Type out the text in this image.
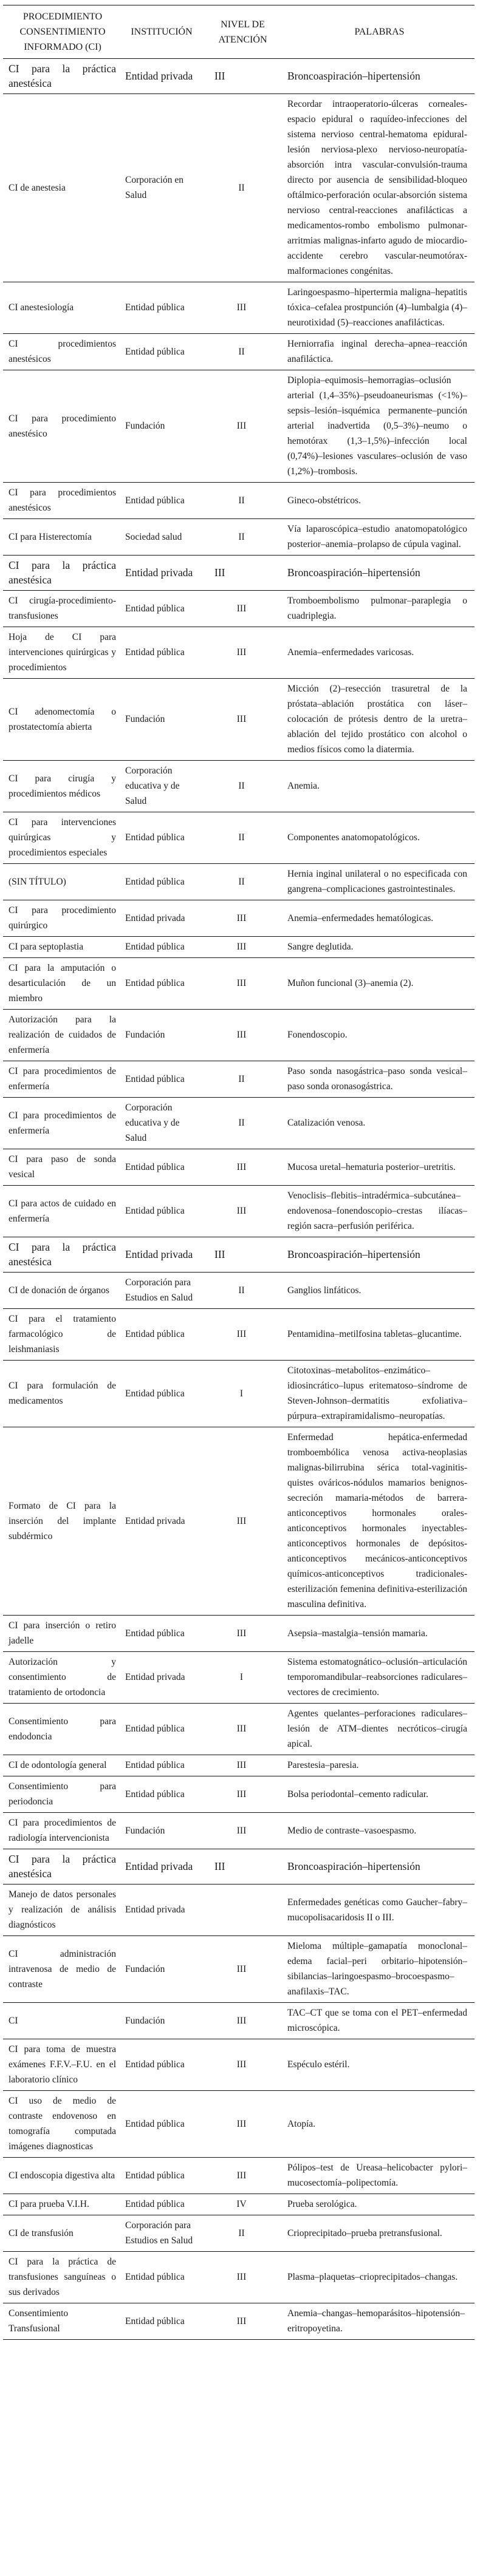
PROCEDIMIENTO CONSENTIMIENTO INFORMADO (CI)	INSTITUCIÓN	NIVEL DE ATENCIÓN	PALABRAS
CI para la práctica anestésica	Entidad privada	III	Broncoaspiración–hipertensión
CI de anestesia	Corporación en Salud	II	Recordar intraoperatorio-úlceras corneales-espacio epidural o raquídeo-infecciones del sistema nervioso central-hematoma epidural-lesión nerviosa-plexo nervioso-neuropatía-absorción intra vascular-convulsión-trauma directo por ausencia de sensibilidad-bloqueo oftálmico-perforación ocular-absorción sistema nervioso central-reacciones anafilácticas a medicamentos-rombo embolismo pulmonar-arritmias malignas-infarto agudo de miocardio-accidente cerebro vascular-neumotórax-malformaciones congénitas.
CI anestesiología	Entidad pública	III	Laringoespasmo–hipertermia maligna–hepatitis tóxica–cefalea prostpunción (4)–lumbalgia (4)–neurotixidad (5)–reacciones anafilácticas.
CI procedimientos anestésicos	Entidad pública	II	Herniorrafia inginal derecha–apnea–reacción anafiláctica.
CI para procedimiento anestésico	Fundación	III	Diplopia–equimosis–hemorragias–oclusión arterial (1,4–35%)–pseudoaneurismas (<1%)–sepsis–lesión–isquémica permanente–punción arterial inadvertida (0,5–3%)–neumo o hemotórax (1,3–1,5%)–infección local (0,74%)–lesiones vasculares–oclusión de vaso (1,2%)–trombosis.
CI para procedimientos anestésicos	Entidad pública	II	Gineco-obstétricos.
CI para Histerectomía	Sociedad salud	II	Vía laparoscópica–estudio anatomopatológico posterior–anemia–prolapso de cúpula vaginal.
CI para la práctica anestésica	Entidad privada	III	Broncoaspiración–hipertensión
CI cirugía-procedimiento-transfusiones	Entidad pública	III	Tromboembolismo pulmonar–paraplegia o cuadriplegia.
Hoja de CI para intervenciones quirúrgicas y procedimientos	Entidad pública	III	Anemia–enfermedades varicosas.
CI adenomectomía o prostatectomía abierta	Fundación	III	Micción (2)–resección trasuretral de la próstata–ablación prostática con láser–colocación de prótesis dentro de la uretra–ablación del tejido prostático con alcohol o medios físicos como la diatermia.
CI para cirugía y procedimientos médicos	Corporación educativa y de Salud	II	Anemia.
CI para intervenciones quirúrgicas y procedimientos especiales	Entidad pública	II	Componentes anatomopatológicos.
(SIN TÍTULO)	Entidad pública	II	Hernia inginal unilateral o no especificada con gangrena–complicaciones gastrointestinales.
CI para procedimiento quirúrgico	Entidad privada	III	Anemia–enfermedades hematólogicas.
CI para septoplastia	Entidad pública	III	Sangre deglutida.
CI para la amputación o desarticulación de un miembro	Entidad pública	III	Muñon funcional (3)–anemia (2).
Autorización para la realización de cuidados de enfermería	Fundación	III	Fonendoscopio.
CI para procedimientos de enfermería	Entidad pública	II	Paso sonda nasogástrica–paso sonda vesical–paso sonda oronasogástrica.
CI para procedimientos de enfermería	Corporación educativa y de Salud	II	Catalización venosa.
CI para paso de sonda vesical	Entidad pública	III	Mucosa uretal–hematuria posterior–uretritis.
CI para actos de cuidado en enfermería	Entidad pública	III	Venoclisis–flebitis–intradérmica–subcutánea–endovenosa–fonendoscopio–crestas ilíacas–región sacra–perfusión periférica.
CI para la práctica anestésica	Entidad privada	III	Broncoaspiración–hipertensión
CI de donación de órganos	Corporación para Estudios en Salud	II	Ganglios linfáticos.
CI para el tratamiento farmacológico de leishmaniasis	Entidad pública	III	Pentamidina–metilfosina tabletas–glucantime.
CI para formulación de medicamentos	Entidad pública	I	Citotoxinas–metabolitos–enzimático–idiosincrático–lupus eritematoso–síndrome de Steven-Johnson–dermatitis exfoliativa–púrpura–extrapiramidalismo–neuropatías.
Formato de CI para la inserción del implante subdérmico	Entidad privada	III	Enfermedad hepática-enfermedad tromboembólica venosa activa-neoplasias malignas-bilirrubina sérica total-vaginitis-quistes ováricos-nódulos mamarios benignos-secreción mamaria-métodos de barrera-anticonceptivos hormonales orales-anticonceptivos hormonales inyectables-anticonceptivos hormonales de depósitos-anticonceptivos mecánicos-anticonceptivos químicos-anticonceptivos tradicionales-esterilización femenina definitiva-esterilización masculina definitiva.
CI para inserción o retiro jadelle	Entidad pública	III	Asepsia–mastalgia–tensión mamaria.
Autorización y consentimiento de tratamiento de ortodoncia	Entidad privada	I	Sistema estomatognático–oclusión–articulación temporomandibular–reabsorciones radiculares–vectores de crecimiento.
Consentimiento para endodoncia	Entidad pública	III	Agentes quelantes–perforaciones radiculares–lesión de ATM–dientes necróticos–cirugía apical.
CI de odontología general	Entidad pública	III	Parestesia–paresia.
Consentimiento para periodoncia	Entidad pública	III	Bolsa periodontal–cemento radicular.
CI para procedimientos de radiología intervencionista	Fundación	III	Medio de contraste–vasoespasmo.
CI para la práctica anestésica	Entidad privada	III	Broncoaspiración–hipertensión
Manejo de datos personales y realización de análisis diagnósticos	Entidad privada		Enfermedades genéticas como Gaucher–fabry–mucopolisacaridosis II o III.
CI administración intravenosa de medio de contraste	Fundación	III	Mieloma múltiple–gamapatía monoclonal–edema facial–peri orbitario–hipotensión–sibilancias–laringoespasmo–brocoespasmo–anafilaxis–TAC.
CI	Fundación	III	TAC–CT que se toma con el PET–enfermedad microscópica.
CI para toma de muestra exámenes F.F.V.–F.U. en el laboratorio clínico	Entidad pública	III	Espéculo estéril.
CI uso de medio de contraste endovenoso en tomografía computada imágenes diagnosticas	Entidad pública	III	Atopía.
CI endoscopia digestiva alta	Entidad pública	III	Pólipos–test de Ureasa–helicobacter pylori–mucosectomía–polipectomía.
CI para prueba V.I.H.	Entidad pública	IV	Prueba serológica.
CI de transfusión	Corporación para Estudios en Salud	II	Crioprecipitado–prueba pretransfusional.
CI para la práctica de transfusiones sanguíneas o sus derivados	Entidad pública	III	Plasma–plaquetas–crioprecipitados–changas.
Consentimiento Transfusional	Entidad pública	III	Anemia–changas–hemoparásitos–hipotensión–eritropoyetina.
